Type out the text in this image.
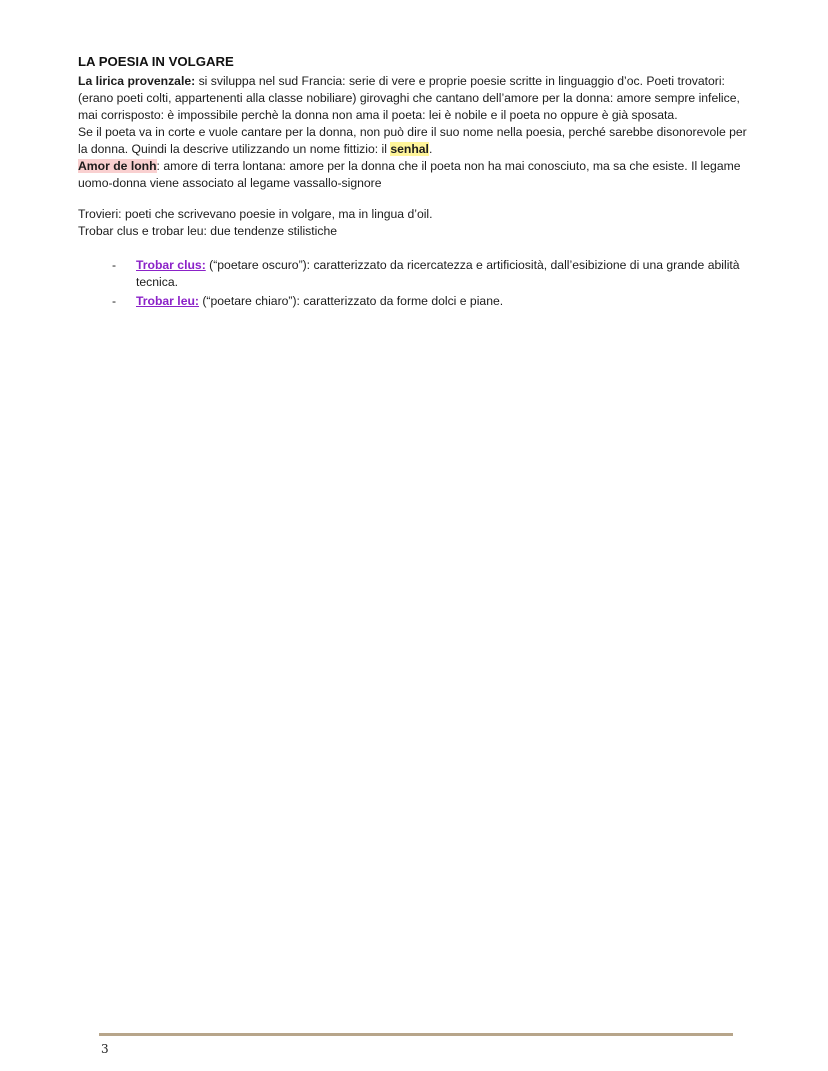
LA POESIA IN VOLGARE

La lirica provenzale: si sviluppa nel sud Francia: serie di vere e proprie poesie scritte in linguaggio d’oc. Poeti trovatori: (erano poeti colti, appartenenti alla classe nobiliare) girovaghi che cantano dell’amore per la donna: amore sempre infelice, mai corrisposto: è impossibile perchè la donna non ama il poeta: lei è nobile e il poeta no oppure è già sposata.

Se il poeta va in corte e vuole cantare per la donna, non può dire il suo nome nella poesia, perché sarebbe disonorevole per la donna. Quindi la descrive utilizzando un nome fittizio: il senhal.

Amor de lonh: amore di terra lontana: amore per la donna che il poeta non ha mai conosciuto, ma sa che esiste. Il legame uomo-donna viene associato al legame vassallo-signore

Trovieri: poeti che scrivevano poesie in volgare, ma in lingua d’oil.
Trobar clus e trobar leu: due tendenze stilistiche

- Trobar clus: (“poetare oscuro”): caratterizzato da ricercatezza e artificiosità, dall’esibizione di una grande abilità tecnica.
- Trobar leu: (“poetare chiaro”): caratterizzato da forme dolci e piane.
3
